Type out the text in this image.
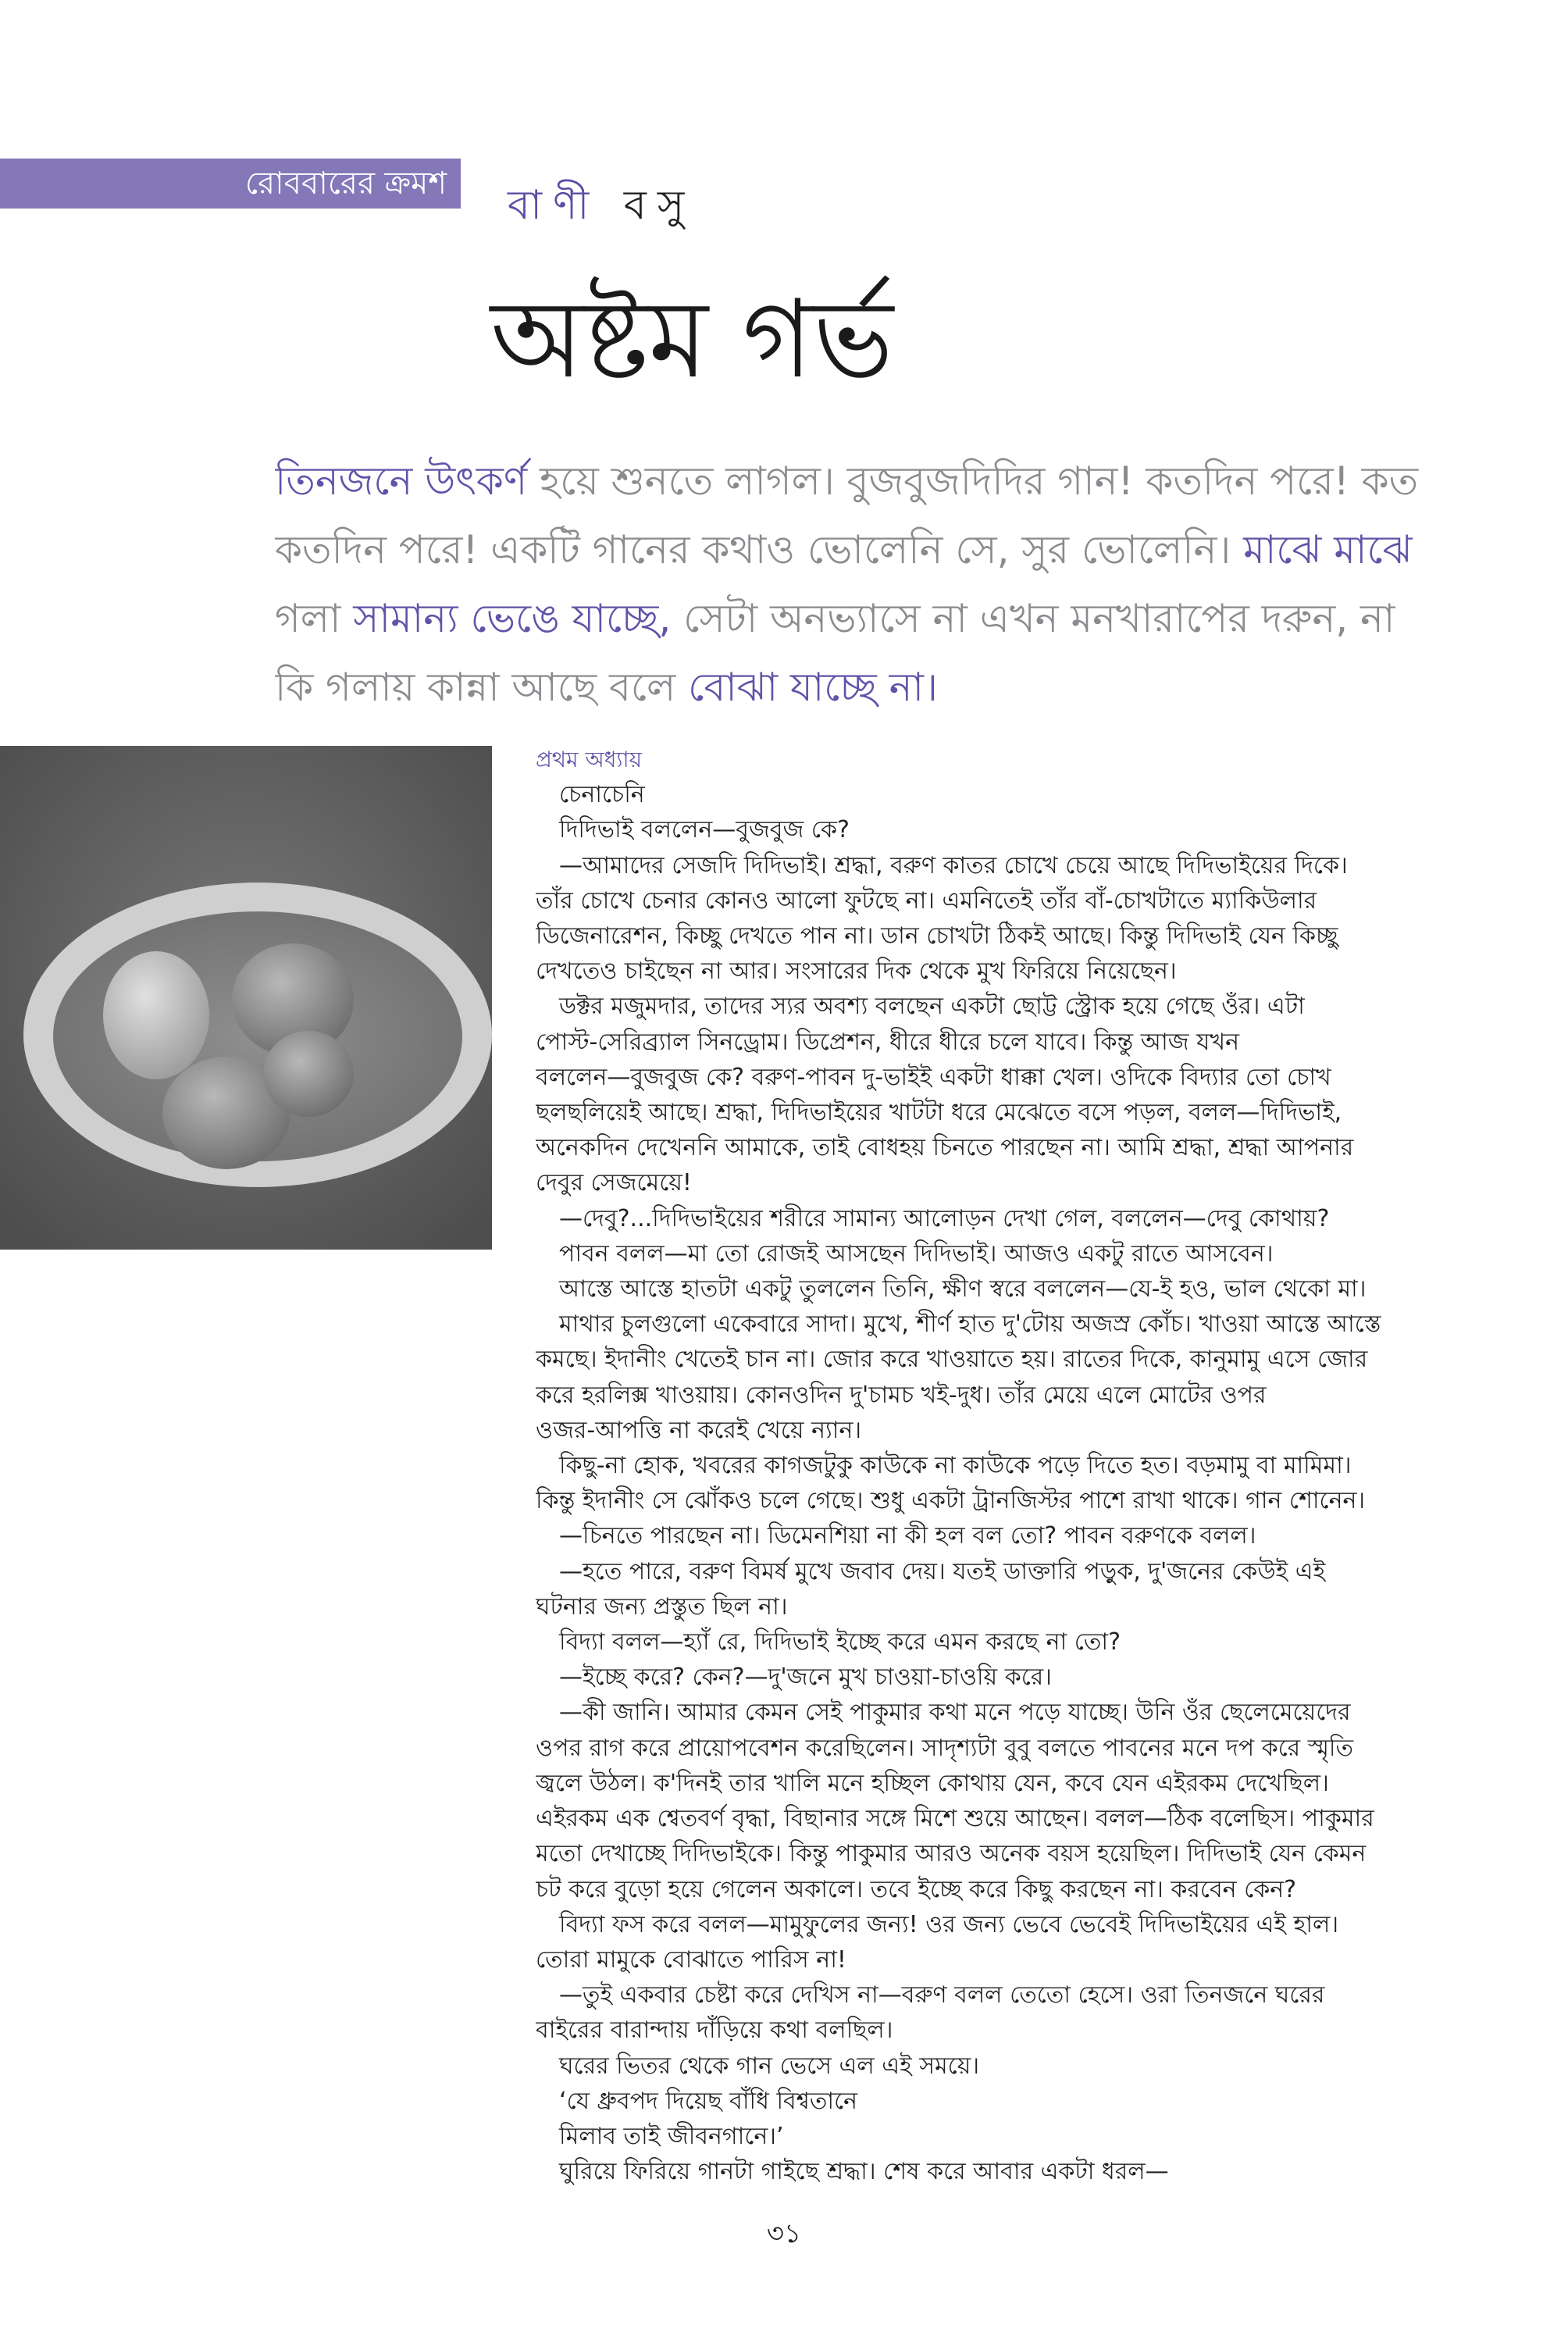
রোববারের ক্রমশ বাণী বসু
অষ্টম গর্ভ

তিনজনে উৎকর্ণ হয়ে শুনতে লাগল। বুজবুজদিদির গান! কতদিন পরে! কত

কতদিন পরে! একটি গানের কথাও ভোলেনি সে, সুর ভোলেনি। মাঝে মাঝে

গলা সামান্য ভেঙে যাচ্ছে, সেটা অনভ্যাসে না এখন মনখারাপের দরুন, না

কি গলায় কান্না আছে বলে বোঝা যাচ্ছে না।

প্রথম অধ্যায়
চেনাচেনি
দিদিভাই বললেন—বুজবুজ কে?
—আমাদের সেজদি দিদিভাই। শ্রদ্ধা, বরুণ কাতর চোখে চেয়ে আছে দিদিভাইয়ের দিকে।
তাঁর চোখে চেনার কোনও আলো ফুটছে না। এমনিতেই তাঁর বাঁ-চোখটাতে ম্যাকিউলার
ডিজেনারেশন, কিচ্ছু দেখতে পান না। ডান চোখটা ঠিকই আছে। কিন্তু দিদিভাই যেন কিচ্ছু
দেখতেও চাইছেন না আর। সংসারের দিক থেকে মুখ ফিরিয়ে নিয়েছেন।
ডক্টর মজুমদার, তাদের স্যর অবশ্য বলছেন একটা ছোট্ট স্ট্রোক হয়ে গেছে ওঁর। এটা
পোস্ট-সেরিব্র্যাল সিনড্রোম। ডিপ্রেশন, ধীরে ধীরে চলে যাবে। কিন্তু আজ যখন
বললেন—বুজবুজ কে? বরুণ-পাবন দু-ভাইই একটা ধাক্কা খেল। ওদিকে বিদ্যার তো চোখ
ছলছলিয়েই আছে। শ্রদ্ধা, দিদিভাইয়ের খাটটা ধরে মেঝেতে বসে পড়ল, বলল—দিদিভাই,
অনেকদিন দেখেননি আমাকে, তাই বোধহয় চিনতে পারছেন না। আমি শ্রদ্ধা, শ্রদ্ধা আপনার
দেবুর সেজমেয়ে!
—দেবু?...দিদিভাইয়ের শরীরে সামান্য আলোড়ন দেখা গেল, বললেন—দেবু কোথায়?
পাবন বলল—মা তো রোজই আসছেন দিদিভাই। আজও একটু রাতে আসবেন।
আস্তে আস্তে হাতটা একটু তুললেন তিনি, ক্ষীণ স্বরে বললেন—যে-ই হও, ভাল থেকো মা।
মাথার চুলগুলো একেবারে সাদা। মুখে, শীর্ণ হাত দু'টোয় অজস্র কোঁচ। খাওয়া আস্তে আস্তে
কমছে। ইদানীং খেতেই চান না। জোর করে খাওয়াতে হয়। রাতের দিকে, কানুমামু এসে জোর
করে হরলিক্স খাওয়ায়। কোনওদিন দু'চামচ খই-দুধ। তাঁর মেয়ে এলে মোটের ওপর
ওজর-আপত্তি না করেই খেয়ে ন্যান।
কিছু-না হোক, খবরের কাগজটুকু কাউকে না কাউকে পড়ে দিতে হত। বড়মামু বা মামিমা।
কিন্তু ইদানীং সে ঝোঁকও চলে গেছে। শুধু একটা ট্রানজিস্টর পাশে রাখা থাকে। গান শোনেন।
—চিনতে পারছেন না। ডিমেনশিয়া না কী হল বল তো? পাবন বরুণকে বলল।
—হতে পারে, বরুণ বিমর্ষ মুখে জবাব দেয়। যতই ডাক্তারি পড়ুক, দু'জনের কেউই এই
ঘটনার জন্য প্রস্তুত ছিল না।
বিদ্যা বলল—হ্যাঁ রে, দিদিভাই ইচ্ছে করে এমন করছে না তো?
—ইচ্ছে করে? কেন?—দু'জনে মুখ চাওয়া-চাওয়ি করে।
—কী জানি। আমার কেমন সেই পাকুমার কথা মনে পড়ে যাচ্ছে। উনি ওঁর ছেলেমেয়েদের
ওপর রাগ করে প্রায়োপবেশন করেছিলেন। সাদৃশ্যটা বুবু বলতে পাবনের মনে দপ করে স্মৃতি
জ্বলে উঠল। ক'দিনই তার খালি মনে হচ্ছিল কোথায় যেন, কবে যেন এইরকম দেখেছিল।
এইরকম এক শ্বেতবর্ণ বৃদ্ধা, বিছানার সঙ্গে মিশে শুয়ে আছেন। বলল—ঠিক বলেছিস। পাকুমার
মতো দেখাচ্ছে দিদিভাইকে। কিন্তু পাকুমার আরও অনেক বয়স হয়েছিল। দিদিভাই যেন কেমন
চট করে বুড়ো হয়ে গেলেন অকালে। তবে ইচ্ছে করে কিছু করছেন না। করবেন কেন?
বিদ্যা ফস করে বলল—মামুফুলের জন্য! ওর জন্য ভেবে ভেবেই দিদিভাইয়ের এই হাল।
তোরা মামুকে বোঝাতে পারিস না!
—তুই একবার চেষ্টা করে দেখিস না—বরুণ বলল তেতো হেসে। ওরা তিনজনে ঘরের
বাইরের বারান্দায় দাঁড়িয়ে কথা বলছিল।
ঘরের ভিতর থেকে গান ভেসে এল এই সময়ে।
‘যে ধ্রুবপদ দিয়েছ বাঁধি বিশ্বতানে
মিলাব তাই জীবনগানে।’
ঘুরিয়ে ফিরিয়ে গানটা গাইছে শ্রদ্ধা। শেষ করে আবার একটা ধরল—
৩১
